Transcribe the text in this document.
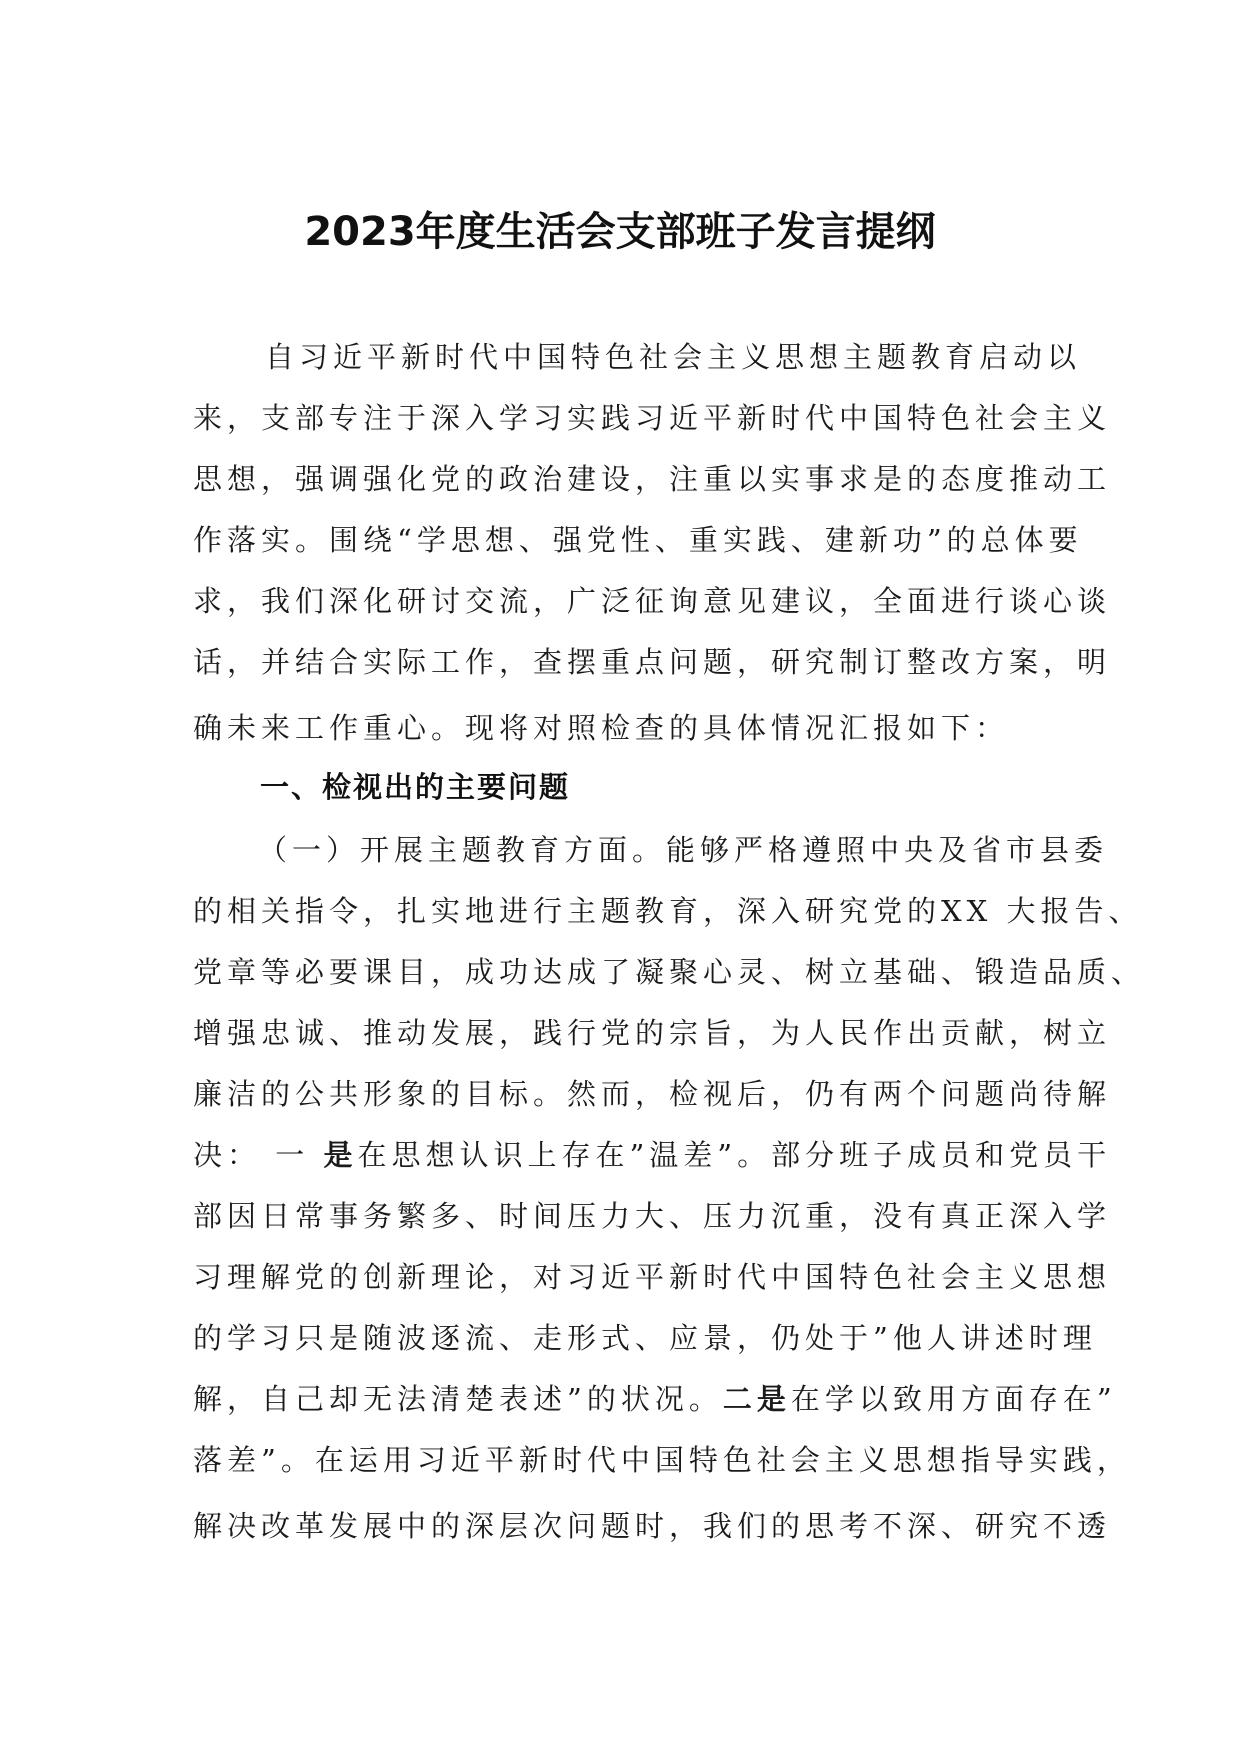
2023年度生活会支部班子发言提纲
自习近平新时代中国特色社会主义思想主题教育启动以
来，支部专注于深入学习实践习近平新时代中国特色社会主义
思想，强调强化党的政治建设，注重以实事求是的态度推动工
作落实。围绕“学思想、强党性、重实践、建新功”的总体要
求，我们深化研讨交流，广泛征询意见建议，全面进行谈心谈
话，并结合实际工作，查摆重点问题，研究制订整改方案，明
确未来工作重心。现将对照检查的具体情况汇报如下：
一、检视出的主要问题
（一）开展主题教育方面。能够严格遵照中央及省市县委
的相关指令，扎实地进行主题教育，深入研究党的XX 大报告、
党章等必要课目，成功达成了凝聚心灵、树立基础、锻造品质、
增强忠诚、推动发展，践行党的宗旨，为人民作出贡献，树立
廉洁的公共形象的目标。然而，检视后，仍有两个问题尚待解
决： 一 是在思想认识上存在”温差”。部分班子成员和党员干
部因日常事务繁多、时间压力大、压力沉重，没有真正深入学
习理解党的创新理论，对习近平新时代中国特色社会主义思想
的学习只是随波逐流、走形式、应景，仍处于”他人讲述时理
解，自己却无法清楚表述”的状况。二是在学以致用方面存在”
落差”。在运用习近平新时代中国特色社会主义思想指导实践，
解决改革发展中的深层次问题时，我们的思考不深、研究不透
